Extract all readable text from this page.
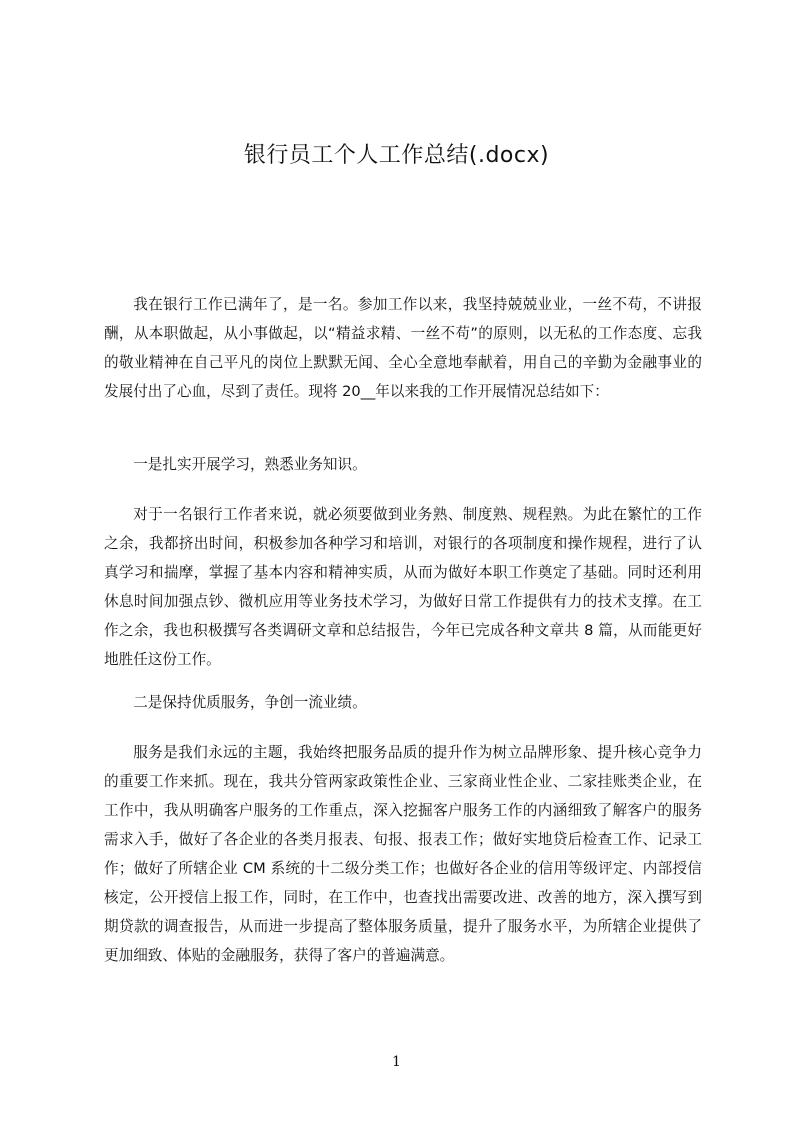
银行员工个人工作总结(.docx)

我在银行工作已满年了，是一名。参加工作以来，我坚持兢兢业业，一丝不苟，不讲报酬，从本职做起，从小事做起，以“精益求精、一丝不苟”的原则，以无私的工作态度、忘我的敬业精神在自己平凡的岗位上默默无闻、全心全意地奉献着，用自己的辛勤为金融事业的发展付出了心血，尽到了责任。现将 20__年以来我的工作开展情况总结如下：

一是扎实开展学习，熟悉业务知识。

对于一名银行工作者来说，就必须要做到业务熟、制度熟、规程熟。为此在繁忙的工作之余，我都挤出时间，积极参加各种学习和培训，对银行的各项制度和操作规程，进行了认真学习和揣摩，掌握了基本内容和精神实质，从而为做好本职工作奠定了基础。同时还利用休息时间加强点钞、微机应用等业务技术学习，为做好日常工作提供有力的技术支撑。在工作之余，我也积极撰写各类调研文章和总结报告，今年已完成各种文章共 8 篇，从而能更好地胜任这份工作。

二是保持优质服务，争创一流业绩。

服务是我们永远的主题，我始终把服务品质的提升作为树立品牌形象、提升核心竞争力的重要工作来抓。现在，我共分管两家政策性企业、三家商业性企业、二家挂账类企业，在工作中，我从明确客户服务的工作重点，深入挖掘客户服务工作的内涵细致了解客户的服务需求入手，做好了各企业的各类月报表、旬报、报表工作；做好实地贷后检查工作、记录工作；做好了所辖企业 CM 系统的十二级分类工作；也做好各企业的信用等级评定、内部授信核定，公开授信上报工作，同时，在工作中，也查找出需要改进、改善的地方，深入撰写到期贷款的调查报告，从而进一步提高了整体服务质量，提升了服务水平，为所辖企业提供了更加细致、体贴的金融服务，获得了客户的普遍满意。

1
